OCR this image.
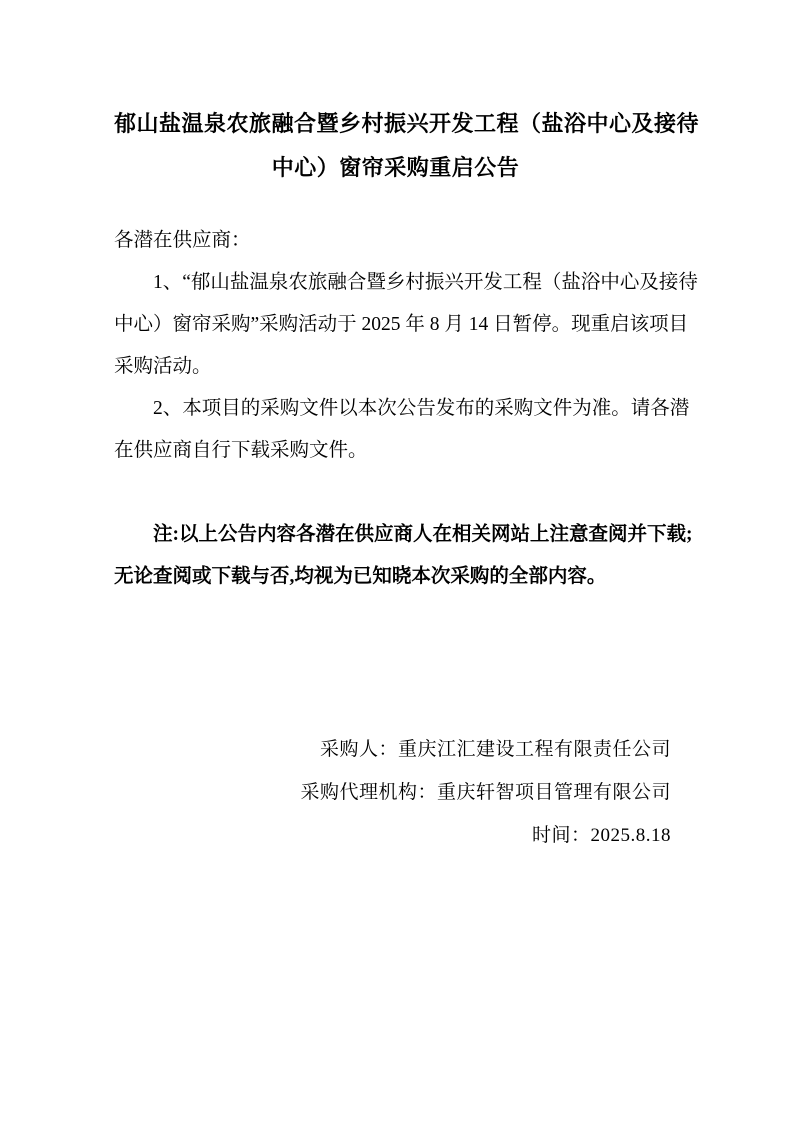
郁山盐温泉农旅融合暨乡村振兴开发工程（盐浴中心及接待
中心）窗帘采购重启公告
各潜在供应商：
1、“郁山盐温泉农旅融合暨乡村振兴开发工程（盐浴中心及接待
中心）窗帘采购”采购活动于 2025 年 8 月 14 日暂停。现重启该项目
采购活动。
2、本项目的采购文件以本次公告发布的采购文件为准。请各潜
在供应商自行下载采购文件。
注:以上公告内容各潜在供应商人在相关网站上注意查阅并下载;
无论查阅或下载与否,均视为已知晓本次采购的全部内容。
采购人：重庆江汇建设工程有限责任公司
采购代理机构：重庆轩智项目管理有限公司
时间：2025.8.18
